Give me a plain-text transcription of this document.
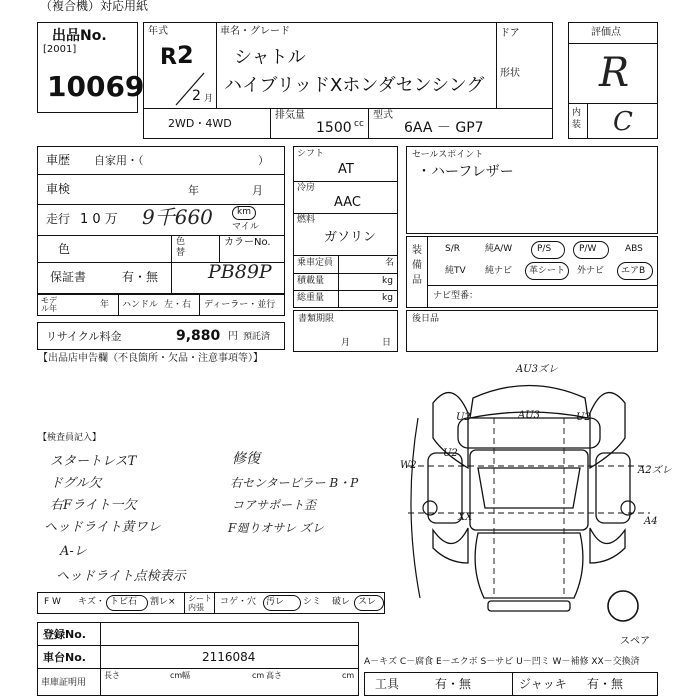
（複合機）対応用紙
出品No.
[2001]
10069
年式
R 2
2 月
車名・グレード
シャトル
ハイブリッドXホンダセンシング
ドア
形状
2WD・4WD
排気量
1500 cc
型式
6AA － GP7
評価点
R
内装 C
車歴 自家用・（	）
車検	年	月
走行 1 0 万 9千660	km
マイル
色	色替
カラーNo.
PB89P
保証書	有・無
モデル年	年 ハンドル 左・右 ディーラー・並行
リサイクル料金	9,880 円 預託済
シフト
AT
冷房
AAC
燃料
ガソリン
乗車定員	名
積載量	kg
総重量	kg
書類期限
月	日
セールスポイント
・ハーフレザー
装備品
S/R	純A/W	P/S	P/W	ABS
純TV 純ナビ 革シート 外ナビ エアB
ナビ型番：
後日品
【出品店申告欄（不良箇所・欠品・注意事項等）】
【検査員記入】
スタートレスT
ドグル欠
右Fライト一欠
ヘッドライト黄ワレ
A-レ
ヘッドライト点検表示
修復
右センターピラー B・P
コアサポート歪
F廻りオサレ ズレ
F W キズ・ トビ石 割レ× シート内張
コゲ・穴 汚レ シミ 破レ スレ
AU3ズレ
U2	U2
AU3
U2
W2	A2ズレ
A4
XX
スペア
登録No.
車台No.	2116084
車庫証明用
長さ	cm 幅	cm 高さ	cm
A－キズ C－腐食 E－エクボ S－サビ U－凹ミ W－補修 XX－交換済
工具	有・無	ジャッキ 有・無
